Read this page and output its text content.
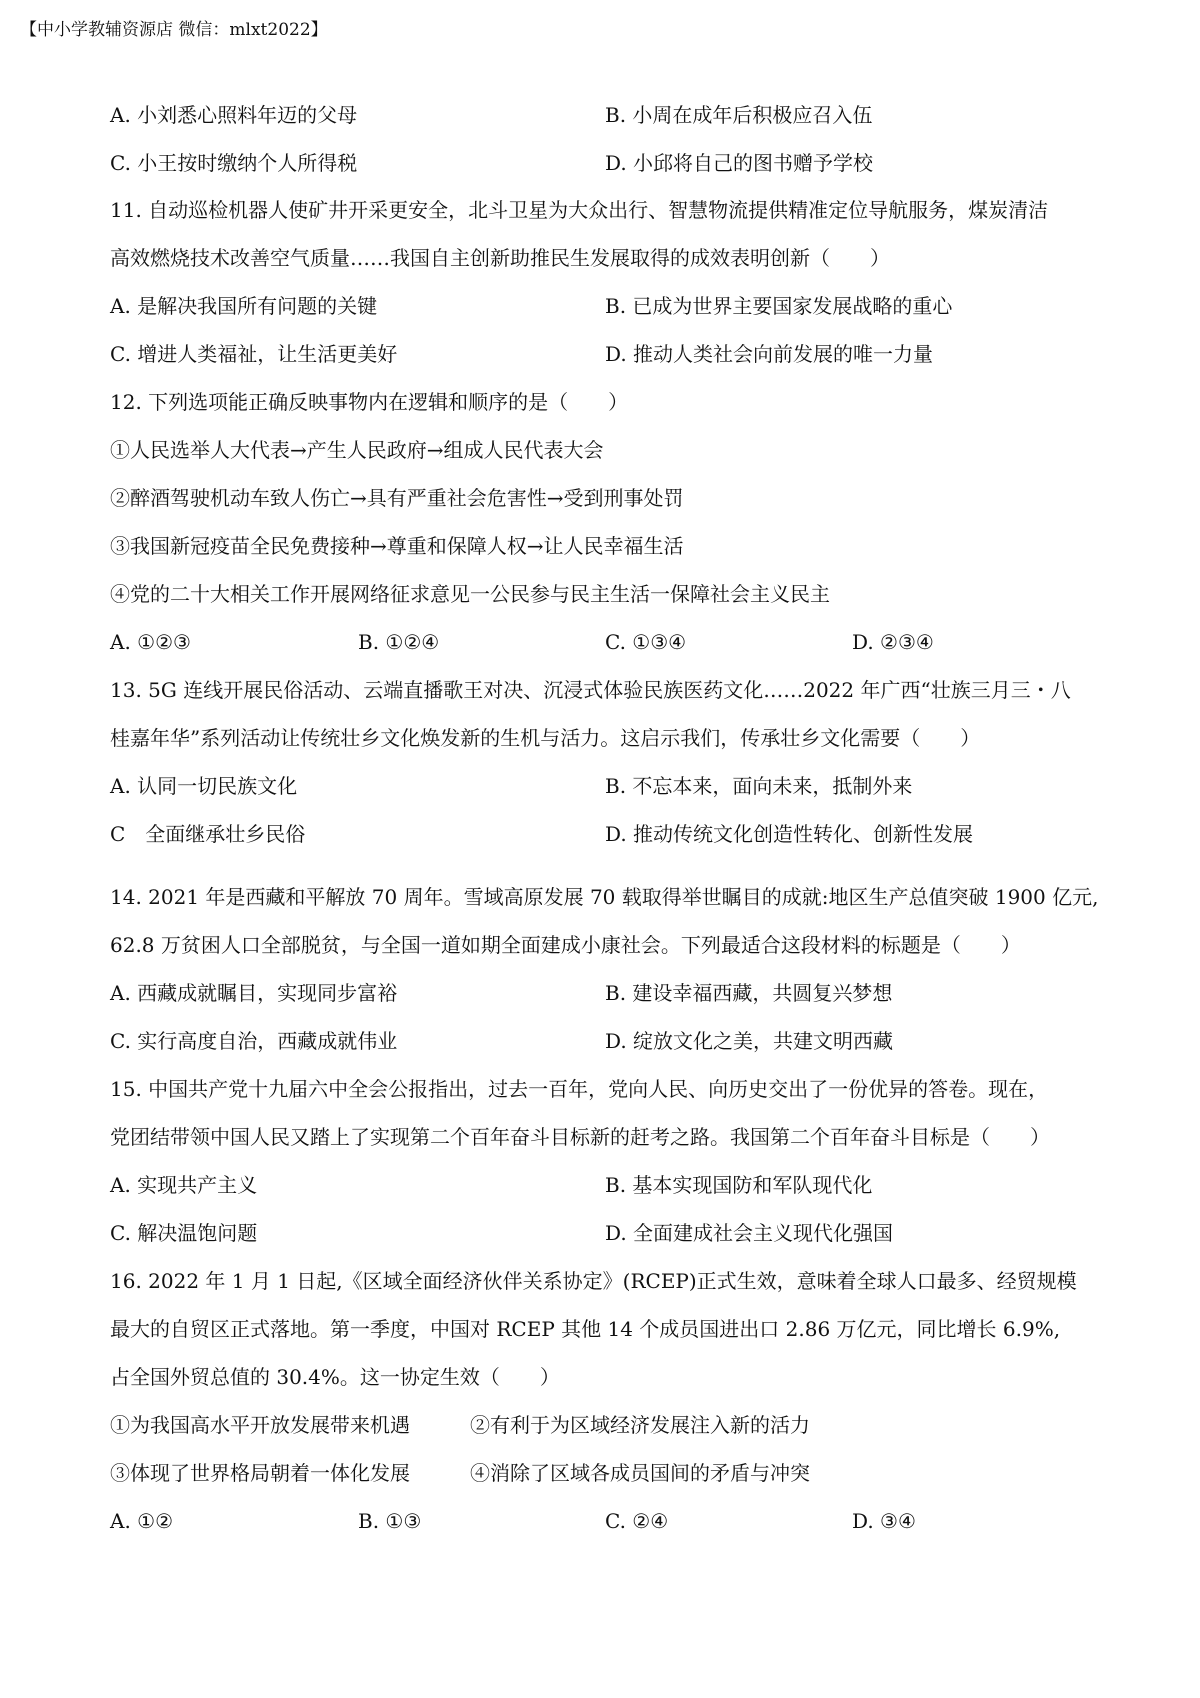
【中小学教辅资源店 微信：mlxt2022】
A. 小刘悉心照料年迈的父母	B. 小周在成年后积极应召入伍
C. 小王按时缴纳个人所得税	D. 小邱将自己的图书赠予学校
11. 自动巡检机器人使矿井开采更安全，北斗卫星为大众出行、智慧物流提供精准定位导航服务，煤炭清洁
高效燃烧技术改善空气质量……我国自主创新助推民生发展取得的成效表明创新（　　）
A. 是解决我国所有问题的关键	B. 已成为世界主要国家发展战略的重心
C. 增进人类福祉，让生活更美好	D. 推动人类社会向前发展的唯一力量
12. 下列选项能正确反映事物内在逻辑和顺序的是（　　）
①人民选举人大代表→产生人民政府→组成人民代表大会
②醉酒驾驶机动车致人伤亡→具有严重社会危害性→受到刑事处罚
③我国新冠疫苗全民免费接种→尊重和保障人权→让人民幸福生活
④党的二十大相关工作开展网络征求意见一公民参与民主生活一保障社会主义民主
A. ①②③	B. ①②④	C. ①③④	D. ②③④
13. 5G 连线开展民俗活动、云端直播歌王对决、沉浸式体验民族医药文化……2022 年广西“壮族三月三・八
桂嘉年华”系列活动让传统壮乡文化焕发新的生机与活力。这启示我们，传承壮乡文化需要（　　）
A. 认同一切民族文化	B. 不忘本来，面向未来，抵制外来
C　全面继承壮乡民俗	D. 推动传统文化创造性转化、创新性发展
14. 2021 年是西藏和平解放 70 周年。雪域高原发展 70 载取得举世瞩目的成就:地区生产总值突破 1900 亿元,
62.8 万贫困人口全部脱贫，与全国一道如期全面建成小康社会。下列最适合这段材料的标题是（　　）
A. 西藏成就瞩目，实现同步富裕	B. 建设幸福西藏，共圆复兴梦想
C. 实行高度自治，西藏成就伟业	D. 绽放文化之美，共建文明西藏
15. 中国共产党十九届六中全会公报指出，过去一百年，党向人民、向历史交出了一份优异的答卷。现在，
党团结带领中国人民又踏上了实现第二个百年奋斗目标新的赶考之路。我国第二个百年奋斗目标是（　　）
A. 实现共产主义	B. 基本实现国防和军队现代化
C. 解决温饱问题	D. 全面建成社会主义现代化强国
16. 2022 年 1 月 1 日起,《区域全面经济伙伴关系协定》(RCEP)正式生效，意味着全球人口最多、经贸规模
最大的自贸区正式落地。第一季度，中国对 RCEP 其他 14 个成员国进出口 2.86 万亿元，同比增长 6.9%,
占全国外贸总值的 30.4%。这一协定生效（　　）
①为我国高水平开放发展带来机遇	②有利于为区域经济发展注入新的活力
③体现了世界格局朝着一体化发展	④消除了区域各成员国间的矛盾与冲突
A. ①②	B. ①③	C. ②④	D. ③④
